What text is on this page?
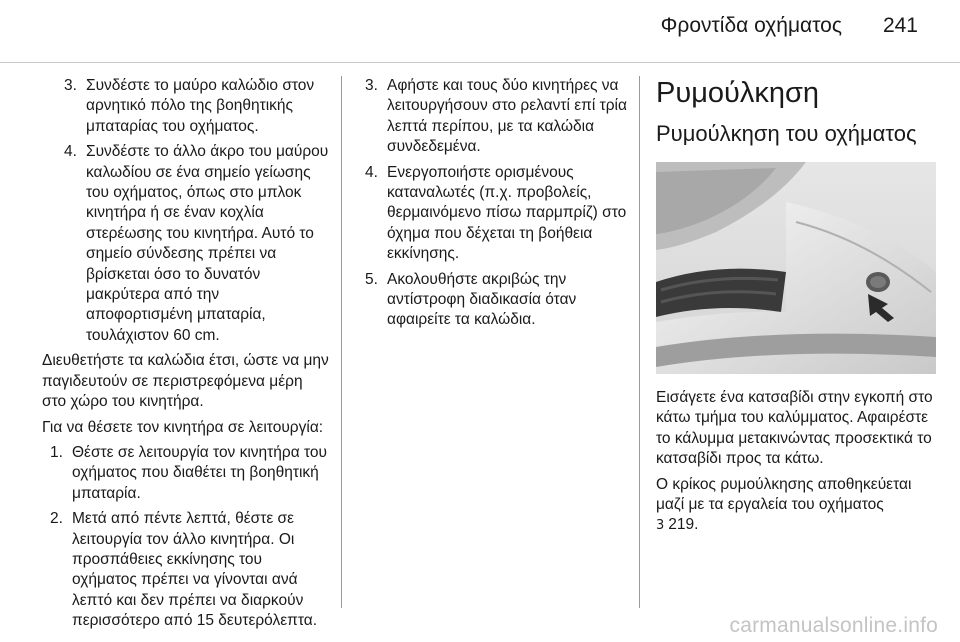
Φροντίδα οχήματος 241
3. Συνδέστε το μαύρο καλώδιο στον αρνητικό πόλο της βοηθητικής μπαταρίας του οχήματος.
4. Συνδέστε το άλλο άκρο του μαύρου καλωδίου σε ένα σημείο γείωσης του οχήματος, όπως στο μπλοκ κινητήρα ή σε έναν κοχλία στερέωσης του κινητήρα. Αυτό το σημείο σύνδεσης πρέπει να βρίσκεται όσο το δυνατόν μακρύτερα από την αποφορτισμένη μπαταρία, τουλάχιστον 60 cm.

Διευθετήστε τα καλώδια έτσι, ώστε να μην παγιδευτούν σε περιστρεφόμενα μέρη στο χώρο του κινητήρα.

Για να θέσετε τον κινητήρα σε λειτουργία:

1. Θέστε σε λειτουργία τον κινητήρα του οχήματος που διαθέτει τη βοηθητική μπαταρία.
2. Μετά από πέντε λεπτά, θέστε σε λειτουργία τον άλλο κινητήρα. Οι προσπάθειες εκκίνησης του οχήματος πρέπει να γίνονται ανά λεπτό και δεν πρέπει να διαρκούν περισσότερο από 15 δευτερόλεπτα.
3. Αφήστε και τους δύο κινητήρες να λειτουργήσουν στο ρελαντί επί τρία λεπτά περίπου, με τα καλώδια συνδεδεμένα.
4. Ενεργοποιήστε ορισμένους καταναλωτές (π.χ. προβολείς, θερμαινόμενο πίσω παρμπρίζ) στο όχημα που δέχεται τη βοήθεια εκκίνησης.
5. Ακολουθήστε ακριβώς την αντίστροφη διαδικασία όταν αφαιρείτε τα καλώδια.
Ρυμούλκηση
Ρυμούλκηση του οχήματος

Εισάγετε ένα κατσαβίδι στην εγκοπή στο κάτω τμήμα του καλύμματος. Αφαιρέστε το κάλυμμα μετακινώντας προσεκτικά το κατσαβίδι προς τα κάτω.

Ο κρίκος ρυμούλκησης αποθηκεύεται μαζί με τα εργαλεία του οχήματος
3 219.

carmanualsonline.info
